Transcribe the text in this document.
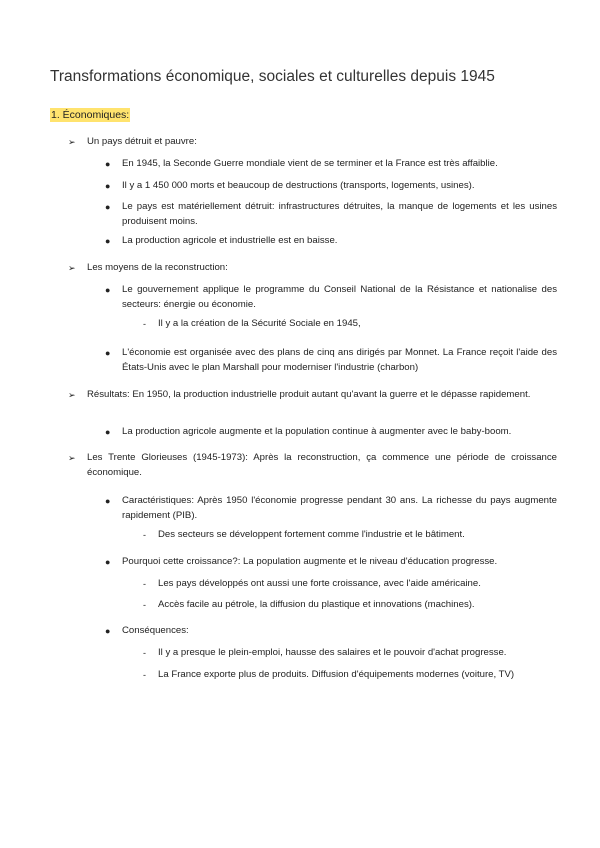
Transformations économique, sociales et culturelles depuis 1945
1. Économiques:
➢ Un pays détruit et pauvre:
● En 1945, la Seconde Guerre mondiale vient de se terminer et la France est très affaiblie.
● Il y a 1 450 000 morts et beaucoup de destructions (transports, logements, usines).
● Le pays est matériellement détruit: infrastructures détruites, la manque de logements et les usines produisent moins.
● La production agricole et industrielle est en baisse.
➢ Les moyens de la reconstruction:
● Le gouvernement applique le programme du Conseil National de la Résistance et nationalise des secteurs: énergie ou économie.
- Il y a la création de la Sécurité Sociale en 1945,
● L'économie est organisée avec des plans de cinq ans dirigés par Monnet. La France reçoit l'aide des États-Unis avec le plan Marshall pour moderniser l'industrie (charbon)
➢ Résultats: En 1950, la production industrielle produit autant qu'avant la guerre et le dépasse rapidement.
● La production agricole augmente et la population continue à augmenter avec le baby-boom.
➢ Les Trente Glorieuses (1945-1973): Après la reconstruction, ça commence une période de croissance économique.
● Caractéristiques: Après 1950 l'économie progresse pendant 30 ans. La richesse du pays augmente rapidement (PIB).
- Des secteurs se développent fortement comme l'industrie et le bâtiment.
● Pourquoi cette croissance?: La population augmente et le niveau d'éducation progresse.
- Les pays développés ont aussi une forte croissance, avec l'aide américaine.
- Accès facile au pétrole, la diffusion du plastique et innovations (machines).
● Conséquences:
- Il y a presque le plein-emploi, hausse des salaires et le pouvoir d'achat progresse.
- La France exporte plus de produits. Diffusion d'équipements modernes (voiture, TV)
